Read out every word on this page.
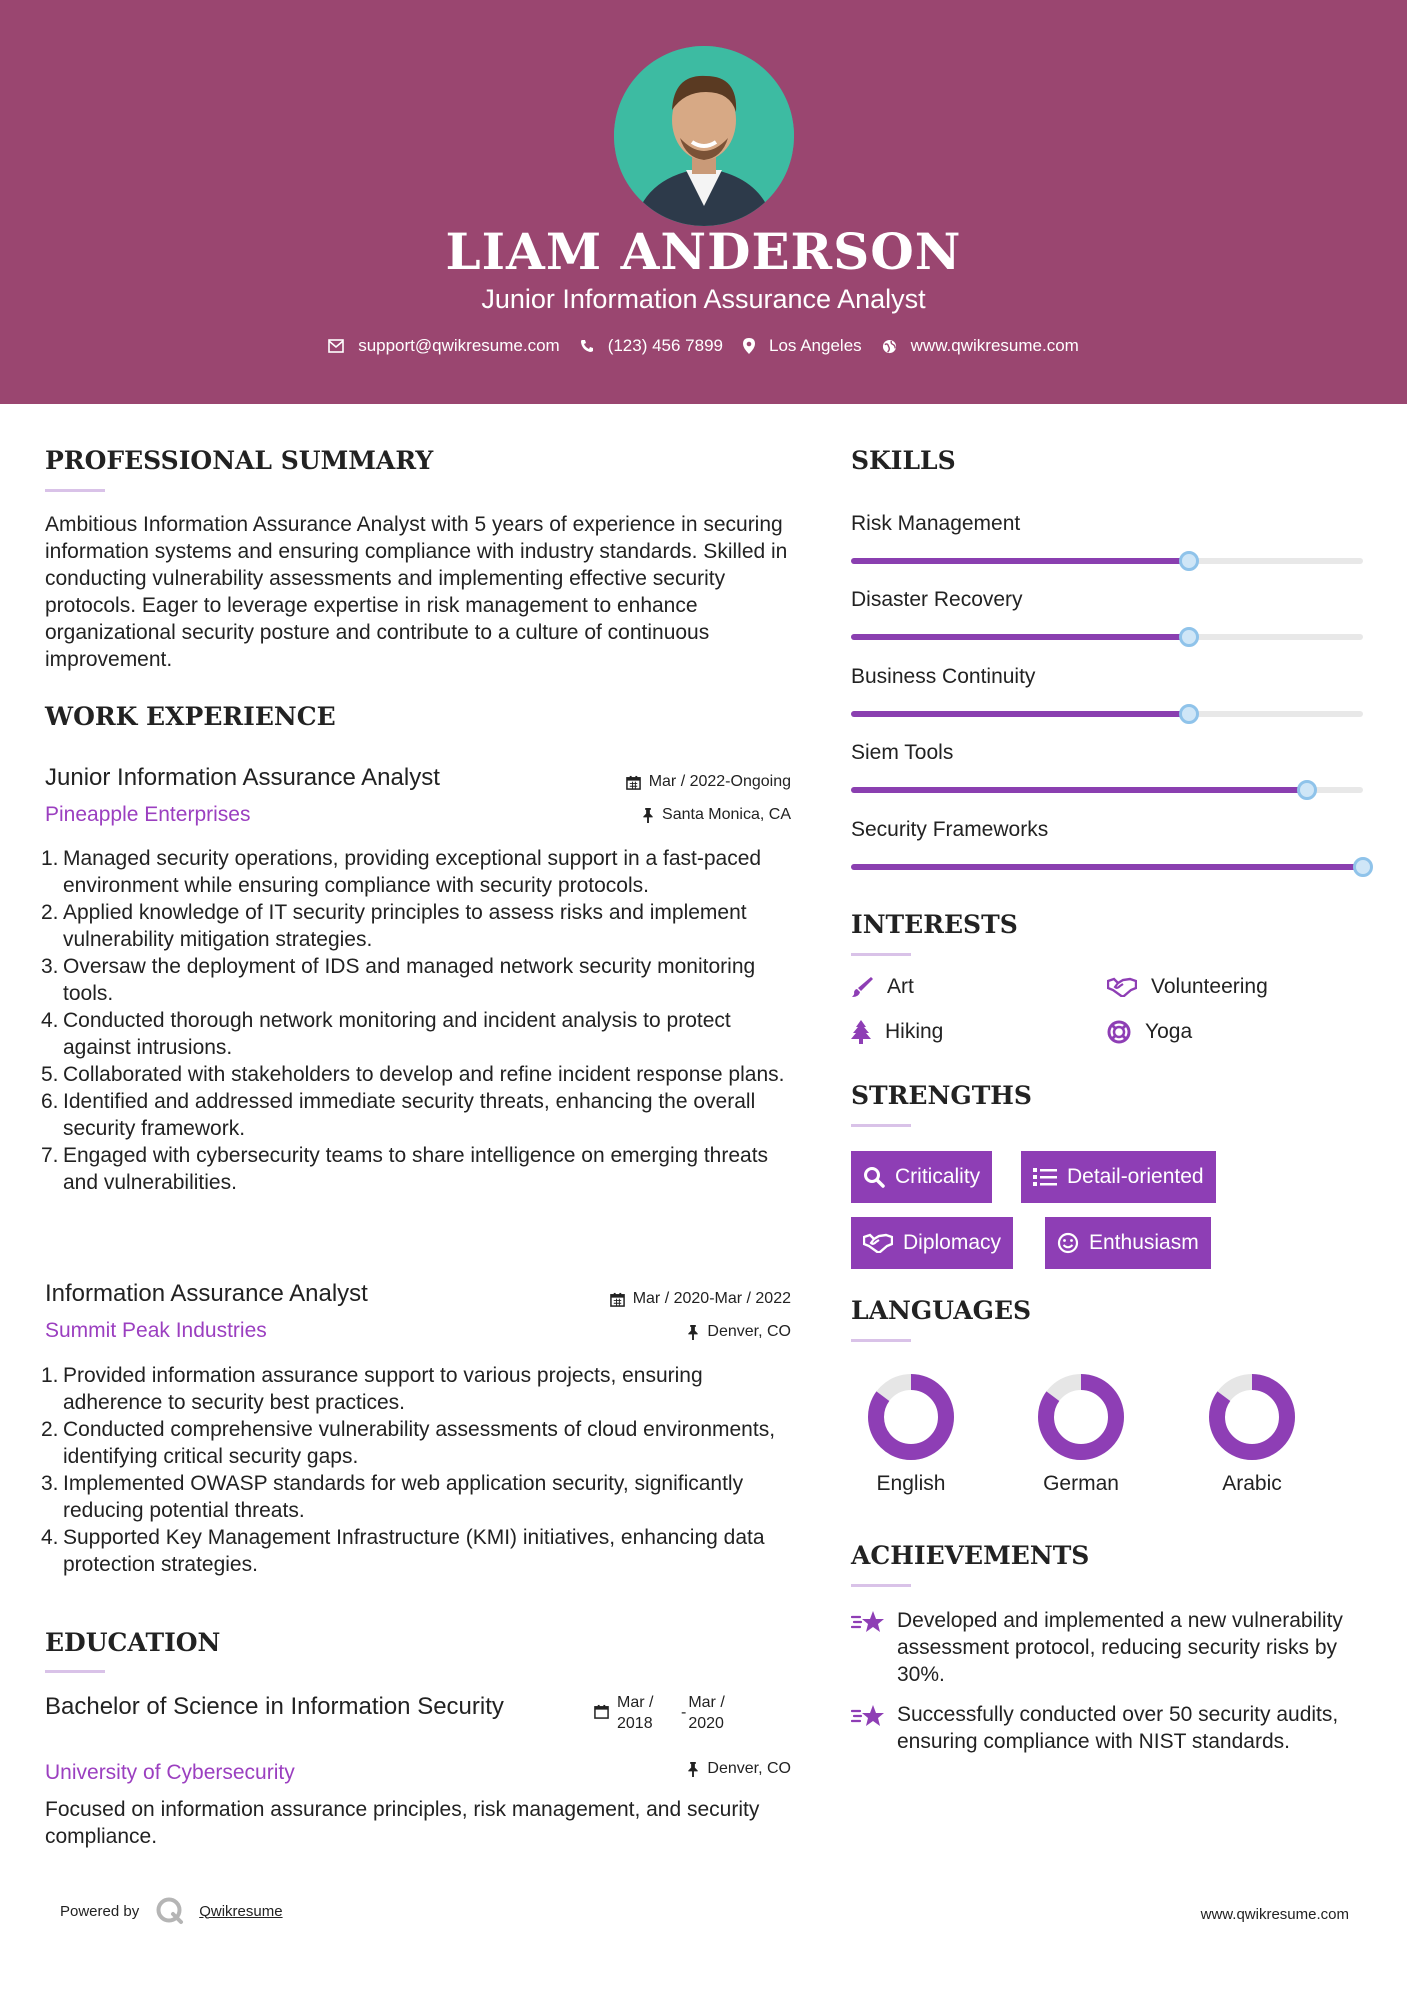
LIAM ANDERSON
Junior Information Assurance Analyst
support@qwikresume.com	(123) 456 7899	Los Angeles	www.qwikresume.com
PROFESSIONAL SUMMARY
Ambitious Information Assurance Analyst with 5 years of experience in securing information systems and ensuring compliance with industry standards. Skilled in conducting vulnerability assessments and implementing effective security protocols. Eager to leverage expertise in risk management to enhance organizational security posture and contribute to a culture of continuous improvement.
WORK EXPERIENCE
Junior Information Assurance Analyst	Mar / 2022-Ongoing
Pineapple Enterprises	Santa Monica, CA
1. Managed security operations, providing exceptional support in a fast-paced environment while ensuring compliance with security protocols.
2. Applied knowledge of IT security principles to assess risks and implement vulnerability mitigation strategies.
3. Oversaw the deployment of IDS and managed network security monitoring tools.
4. Conducted thorough network monitoring and incident analysis to protect against intrusions.
5. Collaborated with stakeholders to develop and refine incident response plans.
6. Identified and addressed immediate security threats, enhancing the overall security framework.
7. Engaged with cybersecurity teams to share intelligence on emerging threats and vulnerabilities.
Information Assurance Analyst	Mar / 2020-Mar / 2022
Summit Peak Industries	Denver, CO
1. Provided information assurance support to various projects, ensuring adherence to security best practices.
2. Conducted comprehensive vulnerability assessments of cloud environments, identifying critical security gaps.
3. Implemented OWASP standards for web application security, significantly reducing potential threats.
4. Supported Key Management Infrastructure (KMI) initiatives, enhancing data protection strategies.
EDUCATION
Bachelor of Science in Information Security	Mar / 2018
-
Mar / 2020
University of Cybersecurity	Denver, CO
Focused on information assurance principles, risk management, and security compliance.
SKILLS
Risk Management
Disaster Recovery
Business Continuity
Siem Tools
Security Frameworks
INTERESTS
Art	Volunteering
Hiking	Yoga
STRENGTHS
Criticality	Detail-oriented
Diplomacy	Enthusiasm
LANGUAGES
English	German	Arabic
ACHIEVEMENTS
Developed and implemented a new vulnerability assessment protocol, reducing security risks by 30%.
Successfully conducted over 50 security audits, ensuring compliance with NIST standards.
Powered by	Qwikresume	www.qwikresume.com
